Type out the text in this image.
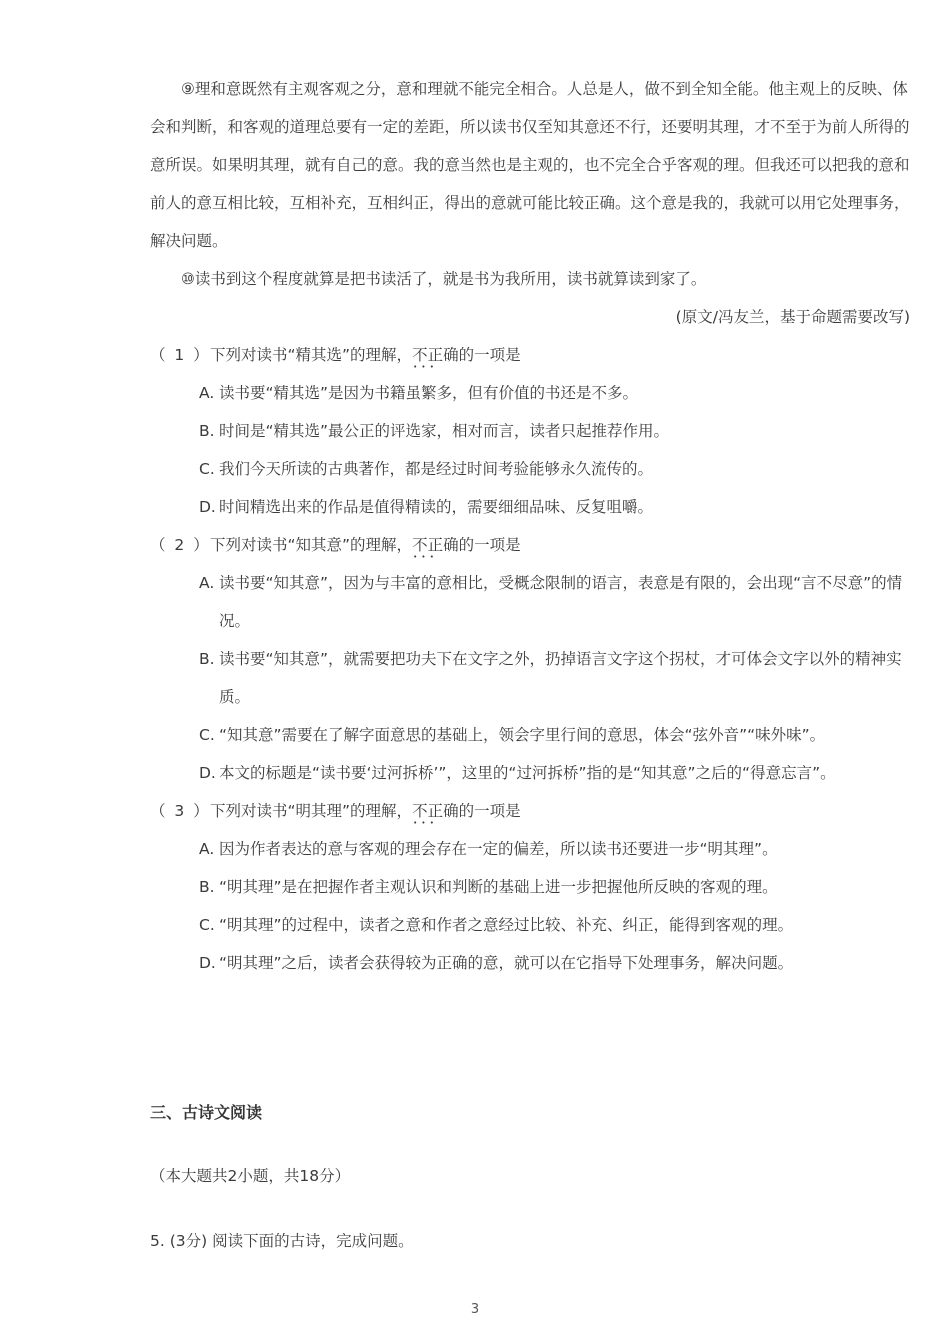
⑨理和意既然有主观客观之分，意和理就不能完全相合。人总是人，做不到全知全能。他主观上的反映、体会和判断，和客观的道理总要有一定的差距，所以读书仅至知其意还不行，还要明其理，才不至于为前人所得的意所误。如果明其理，就有自己的意。我的意当然也是主观的，也不完全合乎客观的理。但我还可以把我的意和前人的意互相比较，互相补充，互相纠正，得出的意就可能比较正确。这个意是我的，我就可以用它处理事务，解决问题。

⑩读书到这个程度就算是把书读活了，就是书为我所用，读书就算读到家了。

(原文/冯友兰，基于命题需要改写)

（ 1 ）下列对读书“精其选”的理解，不正确 • • •的一项是

A. 读书要“精其选”是因为书籍虽繁多，但有价值的书还是不多。
B. 时间是“精其选”最公正的评选家，相对而言，读者只起推荐作用。
C. 我们今天所读的古典著作，都是经过时间考验能够永久流传的。
D. 时间精选出来的作品是值得精读的，需要细细品味、反复咀嚼。

（ 2 ）下列对读书“知其意”的理解，不正确 • • •的一项是

A. 读书要“知其意”，因为与丰富的意相比，受概念限制的语言，表意是有限的，会出现“言不尽意”的情况。
B. 读书要“知其意”，就需要把功夫下在文字之外，扔掉语言文字这个拐杖，才可体会文字以外的精神实质。
C. “知其意”需要在了解字面意思的基础上，领会字里行间的意思，体会“弦外音”“味外味”。
D. 本文的标题是“读书要‘过河拆桥’”，这里的“过河拆桥”指的是“知其意”之后的“得意忘言”。

（ 3 ）下列对读书“明其理”的理解，不正确 • • •的一项是

A. 因为作者表达的意与客观的理会存在一定的偏差，所以读书还要进一步“明其理”。
B. “明其理”是在把握作者主观认识和判断的基础上进一步把握他所反映的客观的理。
C. “明其理”的过程中，读者之意和作者之意经过比较、补充、纠正，能得到客观的理。
D. “明其理”之后，读者会获得较为正确的意，就可以在它指导下处理事务，解决问题。
三、古诗文阅读
（本大题共2小题，共18分）
5. (3分) 阅读下面的古诗，完成问题。
3
